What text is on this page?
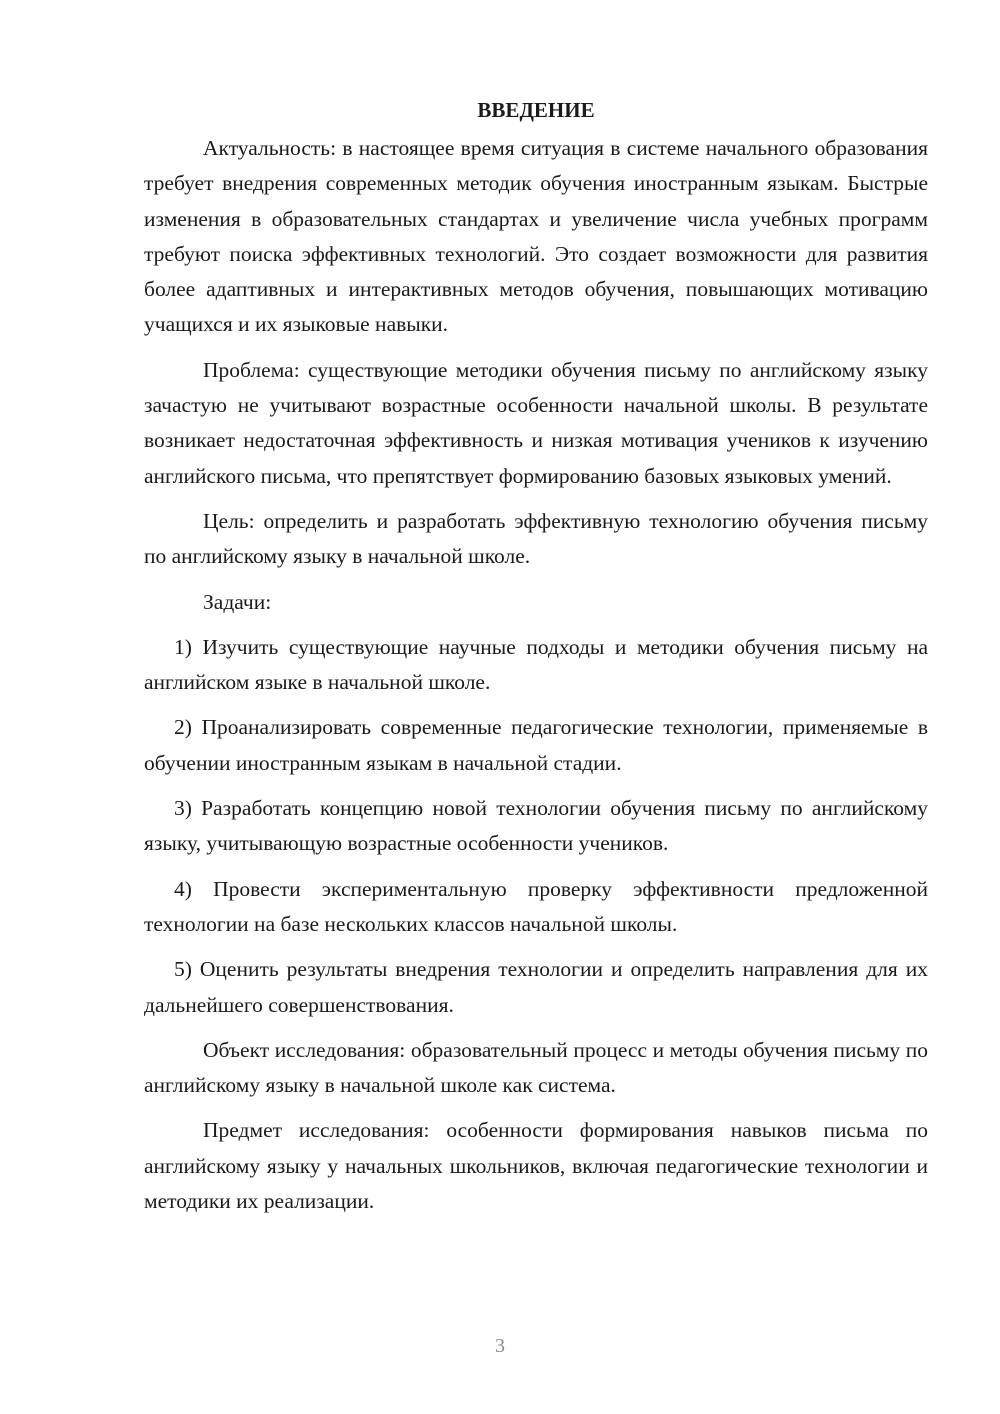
ВВЕДЕНИЕ

Актуальность: в настоящее время ситуация в системе начального образования требует внедрения современных методик обучения иностранным языкам. Быстрые изменения в образовательных стандартах и увеличение числа учебных программ требуют поиска эффективных технологий. Это создает возможности для развития более адаптивных и интерактивных методов обучения, повышающих мотивацию учащихся и их языковые навыки.

Проблема: существующие методики обучения письму по английскому языку зачастую не учитывают возрастные особенности начальной школы. В результате возникает недостаточная эффективность и низкая мотивация учеников к изучению английского письма, что препятствует формированию базовых языковых умений.

Цель: определить и разработать эффективную технологию обучения письму по английскому языку в начальной школе.

Задачи:

1) Изучить существующие научные подходы и методики обучения письму на английском языке в начальной школе.

2) Проанализировать современные педагогические технологии, применяемые в обучении иностранным языкам в начальной стадии.

3) Разработать концепцию новой технологии обучения письму по английскому языку, учитывающую возрастные особенности учеников.

4) Провести экспериментальную проверку эффективности предложенной технологии на базе нескольких классов начальной школы.

5) Оценить результаты внедрения технологии и определить направления для их дальнейшего совершенствования.

Объект исследования: образовательный процесс и методы обучения письму по английскому языку в начальной школе как система.

Предмет исследования: особенности формирования навыков письма по английскому языку у начальных школьников, включая педагогические технологии и методики их реализации.

3
